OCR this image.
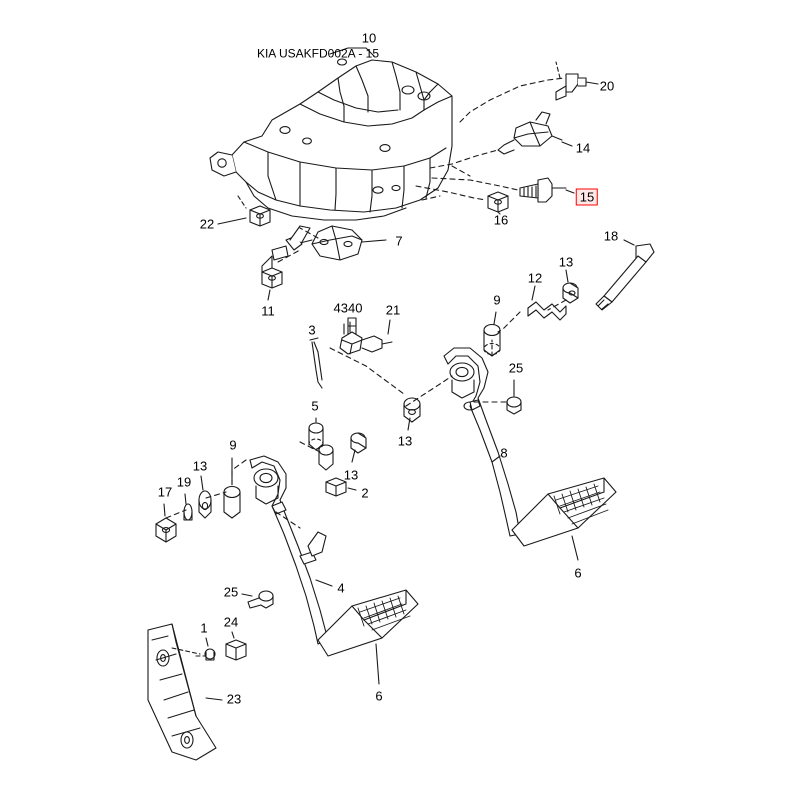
KIA USAKFD002A - 15
10
20
14
15
16
22
18
7
13
12
11
9
4340 21
3
25
5
13
9
13
13
8
19
17	2
6
4
25
1 24
6
23
